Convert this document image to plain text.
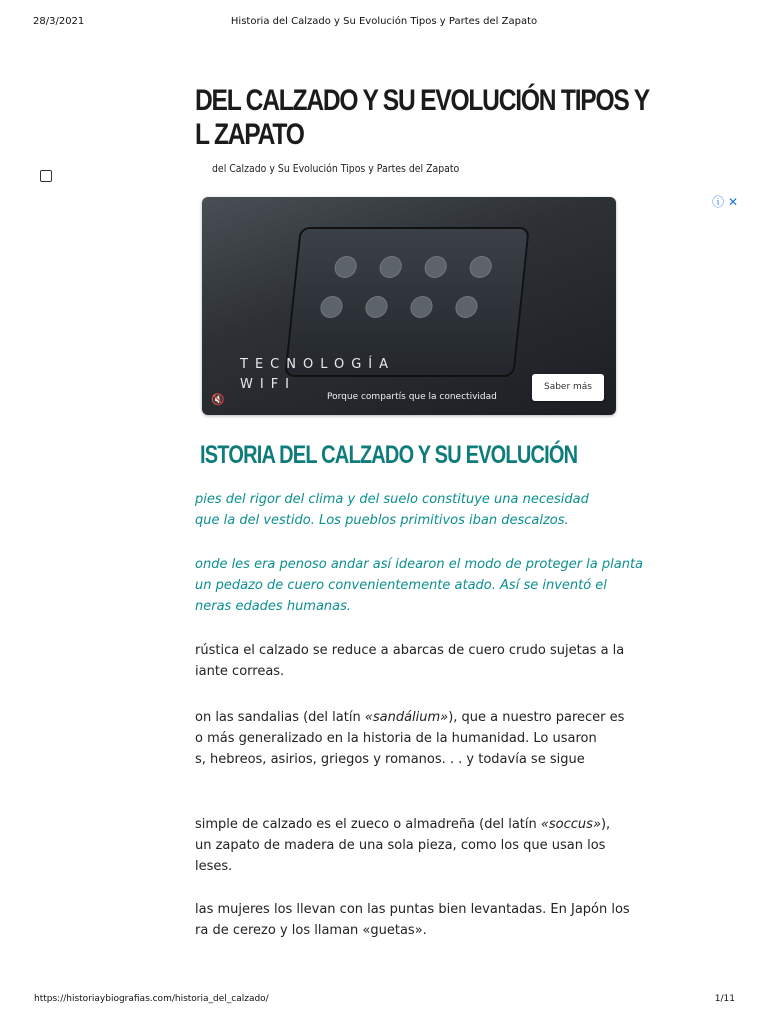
28/3/2021	Historia del Calzado y Su Evolución Tipos y Partes del Zapato
DEL CALZADO Y SU EVOLUCIÓN TIPOS Y
L ZAPATO
del Calzado y Su Evolución Tipos y Partes del Zapato
TECNOLOGÍA
WIFI
Porque compartís que la conectividad
Saber más
🔇
ⓘ ✕
ISTORIA DEL CALZADO Y SU EVOLUCIÓN
pies del rigor del clima y del suelo constituye una necesidad
que la del vestido. Los pueblos primitivos iban descalzos.
onde les era penoso andar así idearon el modo de proteger la planta
un pedazo de cuero convenientemente atado. Así se inventó el
neras edades humanas.
rústica el calzado se reduce a abarcas de cuero crudo sujetas a la
iante correas.
on las sandalias (del latín «sandálium»), que a nuestro parecer es
o más generalizado en la historia de la humanidad. Lo usaron
s, hebreos, asirios, griegos y romanos. . . y todavía se sigue
simple de calzado es el zueco o almadreña (del latín «soccus»),
un zapato de madera de una sola pieza, como los que usan los
leses.
las mujeres los llevan con las puntas bien levantadas. En Japón los
ra de cerezo y los llaman «guetas».
https://historiaybiografias.com/historia_del_calzado/	1/11
